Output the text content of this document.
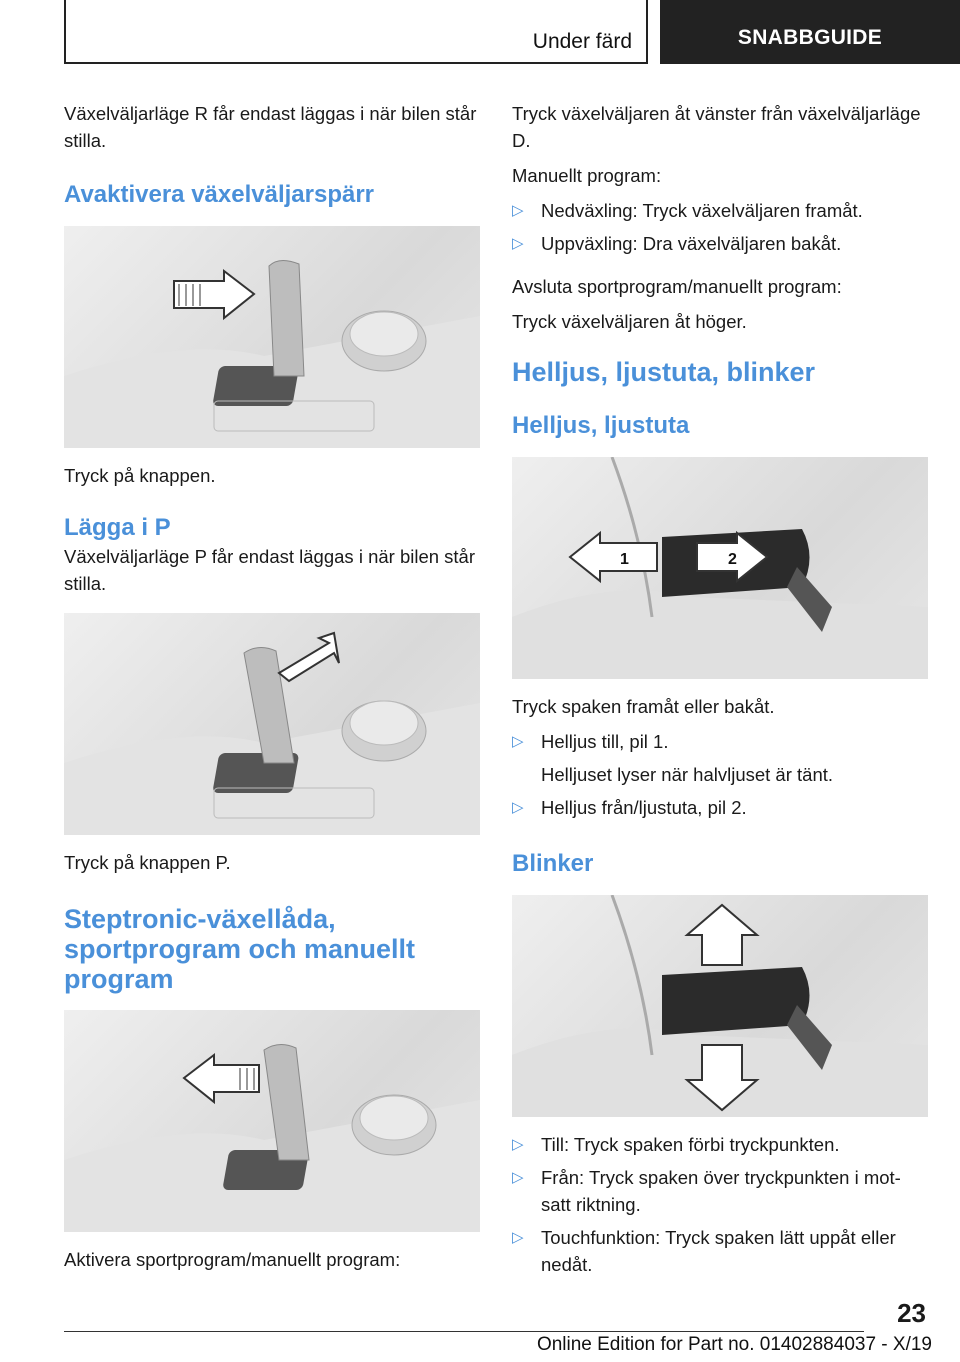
Under färd	SNABBGUIDE

Växelväljarläge R får endast läggas i när bilen står stilla.

Avaktivera växelväljarspärr

Tryck på knappen.

Lägga i P

Växelväljarläge P får endast läggas i när bilen står stilla.

Tryck på knappen P.

Steptronic-växellåda,
sportprogram och manuellt
program

Aktivera sportprogram/manuellt program:

Tryck växelväljaren åt vänster från växelväljarläge D.

Manuellt program:

▷ Nedväxling: Tryck växelväljaren framåt.
▷ Uppväxling: Dra växelväljaren bakåt.

Avsluta sportprogram/manuellt program:

Tryck växelväljaren åt höger.

Helljus, ljustuta, blinker
Helljus, ljustuta
1	2

Tryck spaken framåt eller bakåt.

▷ Helljus till, pil 1.
Helljuset lyser när halvljuset är tänt.
▷ Helljus från/ljustuta, pil 2.
Blinker
▷ Till: Tryck spaken förbi tryckpunkten.
▷ Från: Tryck spaken över tryckpunkten i mot-
satt riktning.
▷ Touchfunktion: Tryck spaken lätt uppåt eller
nedåt.
23
Online Edition for Part no. 01402884037 - X/19
